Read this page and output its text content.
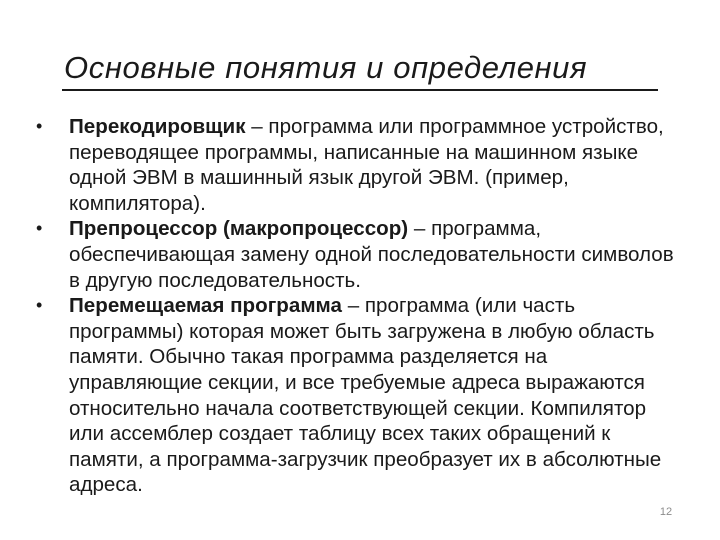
Основные понятия и определения
•	Перекодировщик – программа или программное устройство, переводящее программы, написанные на машинном языке одной ЭВМ в машинный язык другой ЭВМ. (пример, компилятора).
•	Препроцессор (макропроцессор) – программа, обеспечивающая замену одной последовательности символов в другую последовательность.
•	Перемещаемая программа – программа (или часть программы) которая может быть загружена в любую область памяти. Обычно такая программа разделяется на управляющие секции, и все требуемые адреса выражаются относительно начала соответствующей секции. Компилятор или ассемблер создает таблицу всех таких обращений к памяти, а программа-загрузчик преобразует их в абсолютные адреса.
12
